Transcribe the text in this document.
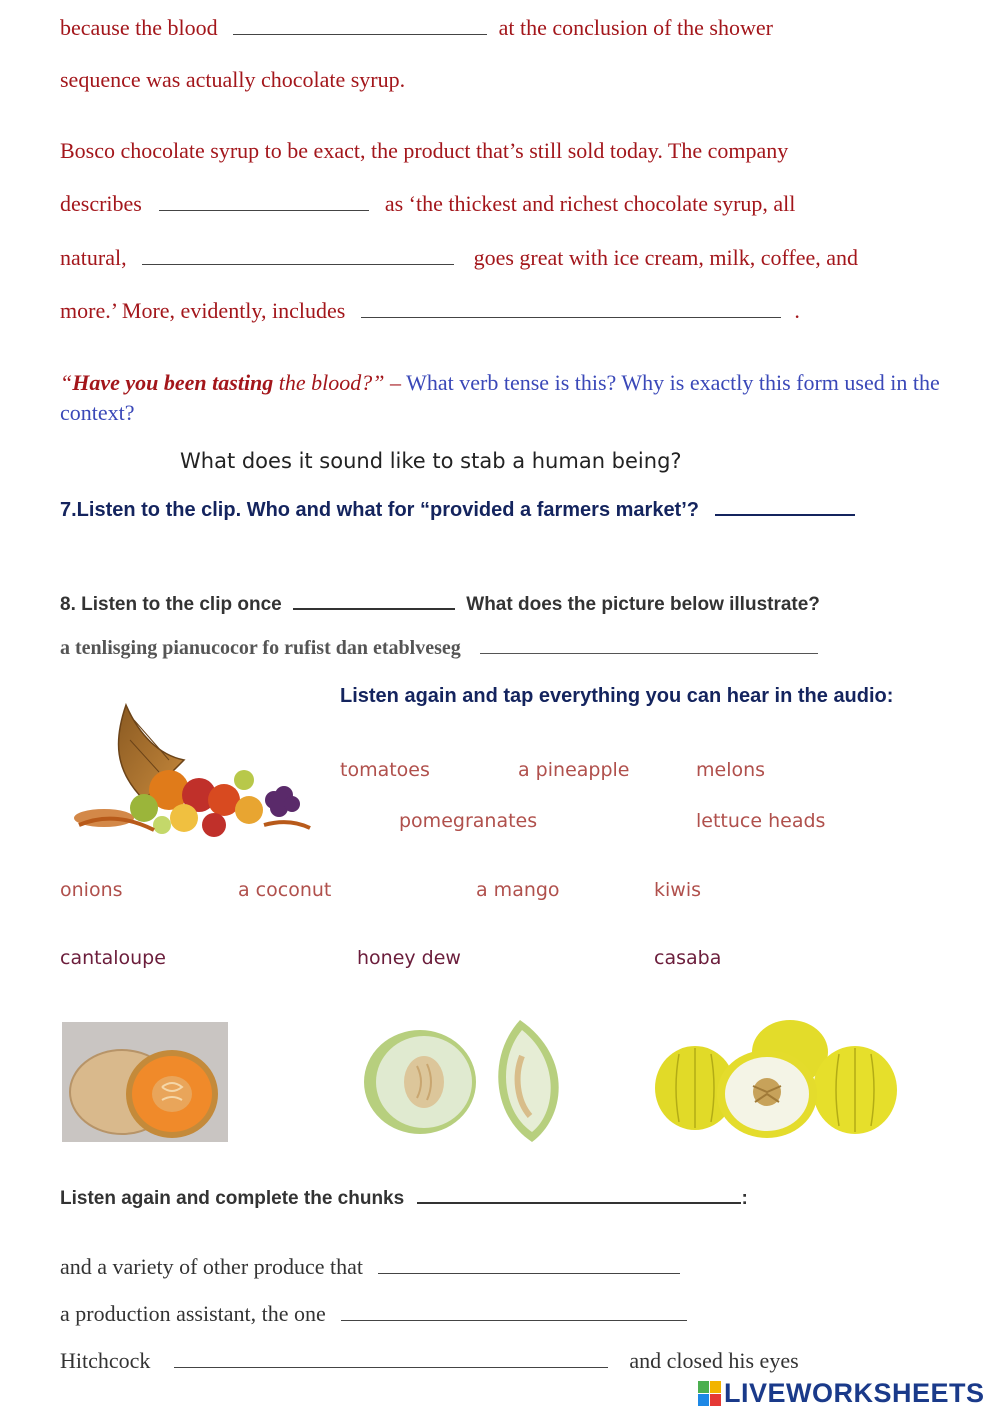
because the blood	at the conclusion of the shower
sequence was actually chocolate syrup.
Bosco chocolate syrup to be exact, the product that’s still sold today. The company
describes	as ‘the thickest and richest chocolate syrup, all
natural,	goes great with ice cream, milk, coffee, and
more.’ More, evidently, includes	.
“Have you been tasting the blood?” – What verb tense is this? Why is exactly this form used in the context?
What does it sound like to stab a human being?
7.Listen to the clip. Who and what for “provided a farmers market’?
8. Listen to the clip once	What does the picture below illustrate?
a tenlisging pianucocor fo rufist dan etablveseg
Listen again and tap everything you can hear in the audio:
tomatoes	a pineapple	melons
pomegranates	lettuce heads
onions	a coconut	a mango	kiwis
cantaloupe	honey dew	casaba
Listen again and complete the chunks	:
and a variety of other produce that
a production assistant, the one
Hitchcock	and closed his eyes
LIVEWORKSHEETS
